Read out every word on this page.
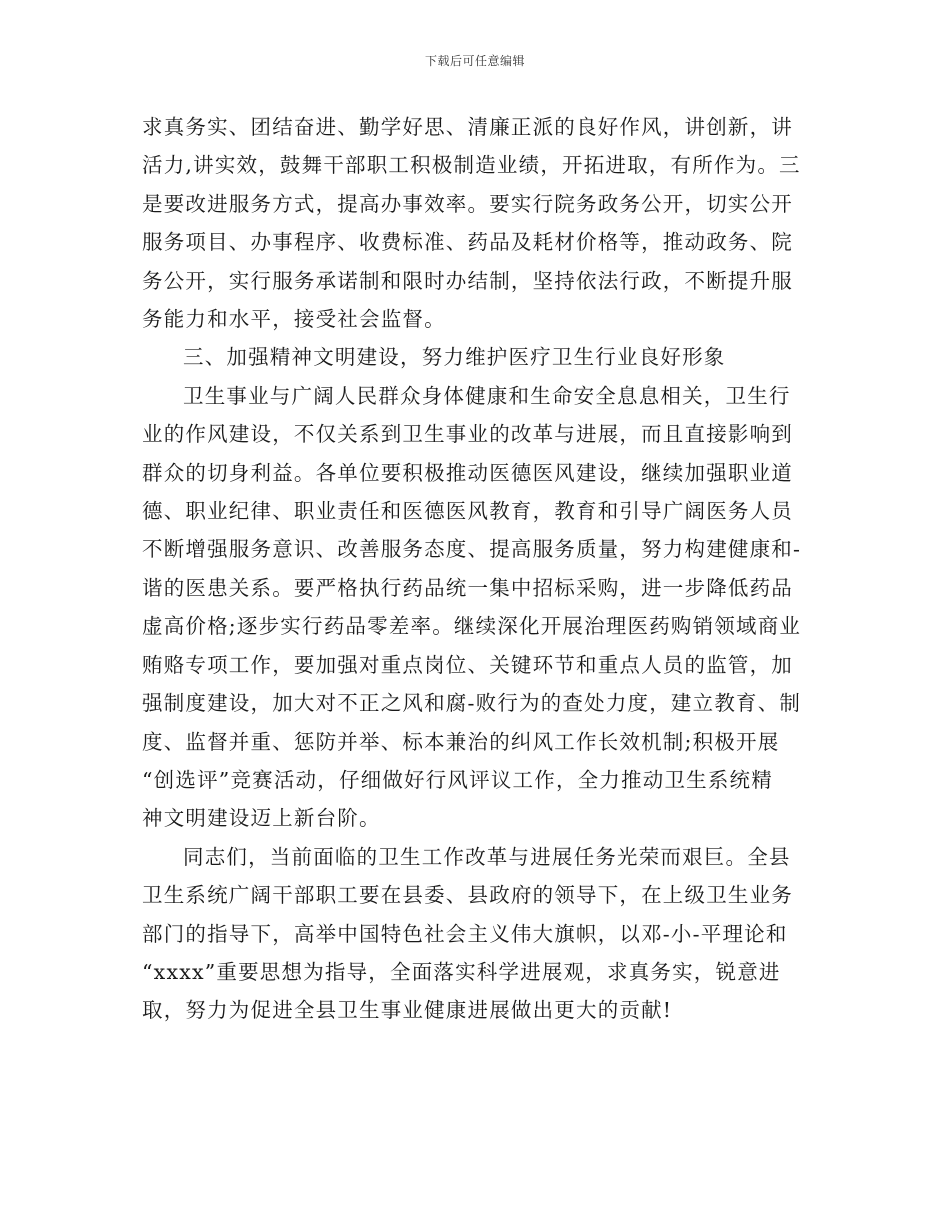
下载后可任意编辑

求真务实、团结奋进、勤学好思、清廉正派的良好作风，讲创新，讲
活力,讲实效，鼓舞干部职工积极制造业绩，开拓进取，有所作为。三
是要改进服务方式，提高办事效率。要实行院务政务公开，切实公开
服务项目、办事程序、收费标准、药品及耗材价格等，推动政务、院
务公开，实行服务承诺制和限时办结制，坚持依法行政，不断提升服
务能力和水平，接受社会监督。

三、加强精神文明建设，努力维护医疗卫生行业良好形象

卫生事业与广阔人民群众身体健康和生命安全息息相关，卫生行
业的作风建设，不仅关系到卫生事业的改革与进展，而且直接影响到
群众的切身利益。各单位要积极推动医德医风建设，继续加强职业道
德、职业纪律、职业责任和医德医风教育，教育和引导广阔医务人员
不断增强服务意识、改善服务态度、提高服务质量，努力构建健康和-
谐的医患关系。要严格执行药品统一集中招标采购，进一步降低药品
虚高价格;逐步实行药品零差率。继续深化开展治理医药购销领域商业
贿赂专项工作，要加强对重点岗位、关键环节和重点人员的监管，加
强制度建设，加大对不正之风和腐-败行为的查处力度，建立教育、制
度、监督并重、惩防并举、标本兼治的纠风工作长效机制;积极开展
“创选评”竞赛活动，仔细做好行风评议工作，全力推动卫生系统精
神文明建设迈上新台阶。

同志们，当前面临的卫生工作改革与进展任务光荣而艰巨。全县
卫生系统广阔干部职工要在县委、县政府的领导下，在上级卫生业务
部门的指导下，高举中国特色社会主义伟大旗帜，以邓-小-平理论和
“xxxx”重要思想为指导，全面落实科学进展观，求真务实，锐意进
取，努力为促进全县卫生事业健康进展做出更大的贡献!
